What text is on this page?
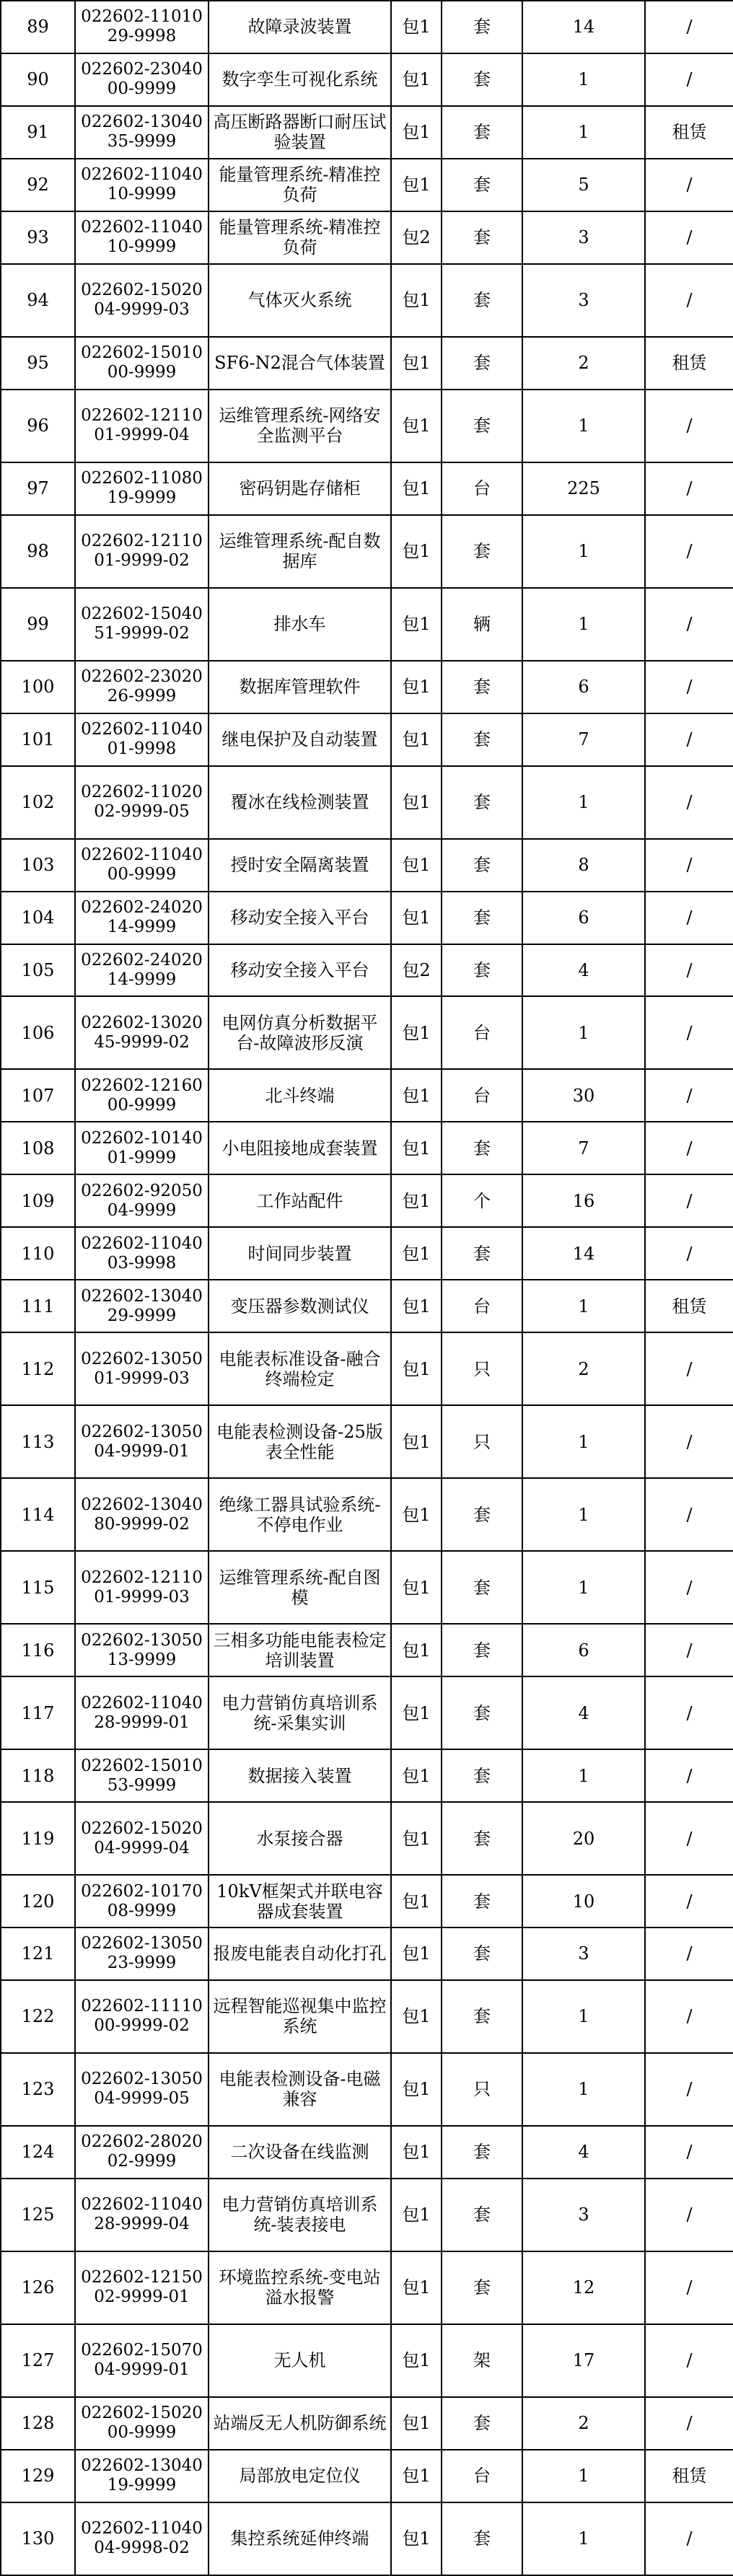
89	022602-1101029-9998	故障录波装置	包1	套	14	/
90	022602-2304000-9999	数字孪生可视化系统	包1	套	1	/
91	022602-1304035-9999	高压断路器断口耐压试验装置	包1	套	1	租赁
92	022602-1104010-9999	能量管理系统-精准控负荷	包1	套	5	/
93	022602-1104010-9999	能量管理系统-精准控负荷	包2	套	3	/
94	022602-1502004-9999-03	气体灭火系统	包1	套	3	/
95	022602-1501000-9999	SF6-N2混合气体装置	包1	套	2	租赁
96	022602-1211001-9999-04	运维管理系统-网络安全监测平台	包1	套	1	/
97	022602-1108019-9999	密码钥匙存储柜	包1	台	225	/
98	022602-1211001-9999-02	运维管理系统-配自数据库	包1	套	1	/
99	022602-1504051-9999-02	排水车	包1	辆	1	/
100	022602-2302026-9999	数据库管理软件	包1	套	6	/
101	022602-1104001-9998	继电保护及自动装置	包1	套	7	/
102	022602-1102002-9999-05	覆冰在线检测装置	包1	套	1	/
103	022602-1104000-9999	授时安全隔离装置	包1	套	8	/
104	022602-2402014-9999	移动安全接入平台	包1	套	6	/
105	022602-2402014-9999	移动安全接入平台	包2	套	4	/
106	022602-1302045-9999-02	电网仿真分析数据平台-故障波形反演	包1	台	1	/
107	022602-1216000-9999	北斗终端	包1	台	30	/
108	022602-1014001-9999	小电阻接地成套装置	包1	套	7	/
109	022602-9205004-9999	工作站配件	包1	个	16	/
110	022602-1104003-9998	时间同步装置	包1	套	14	/
111	022602-1304029-9999	变压器参数测试仪	包1	台	1	租赁
112	022602-1305001-9999-03	电能表标准设备-融合终端检定	包1	只	2	/
113	022602-1305004-9999-01	电能表检测设备-25版表全性能	包1	只	1	/
114	022602-1304080-9999-02	绝缘工器具试验系统-不停电作业	包1	套	1	/
115	022602-1211001-9999-03	运维管理系统-配自图模	包1	套	1	/
116	022602-1305013-9999	三相多功能电能表检定培训装置	包1	套	6	/
117	022602-1104028-9999-01	电力营销仿真培训系统-采集实训	包1	套	4	/
118	022602-1501053-9999	数据接入装置	包1	套	1	/
119	022602-1502004-9999-04	水泵接合器	包1	套	20	/
120	022602-1017008-9999	10kV框架式并联电容器成套装置	包1	套	10	/
121	022602-1305023-9999	报废电能表自动化打孔	包1	套	3	/
122	022602-1111000-9999-02	远程智能巡视集中监控系统	包1	套	1	/
123	022602-1305004-9999-05	电能表检测设备-电磁兼容	包1	只	1	/
124	022602-2802002-9999	二次设备在线监测	包1	套	4	/
125	022602-1104028-9999-04	电力营销仿真培训系统-装表接电	包1	套	3	/
126	022602-1215002-9999-01	环境监控系统-变电站溢水报警	包1	套	12	/
127	022602-1507004-9999-01	无人机	包1	架	17	/
128	022602-1502000-9999	站端反无人机防御系统	包1	套	2	/
129	022602-1304019-9999	局部放电定位仪	包1	台	1	租赁
130	022602-1104004-9998-02	集控系统延伸终端	包1	套	1	/
